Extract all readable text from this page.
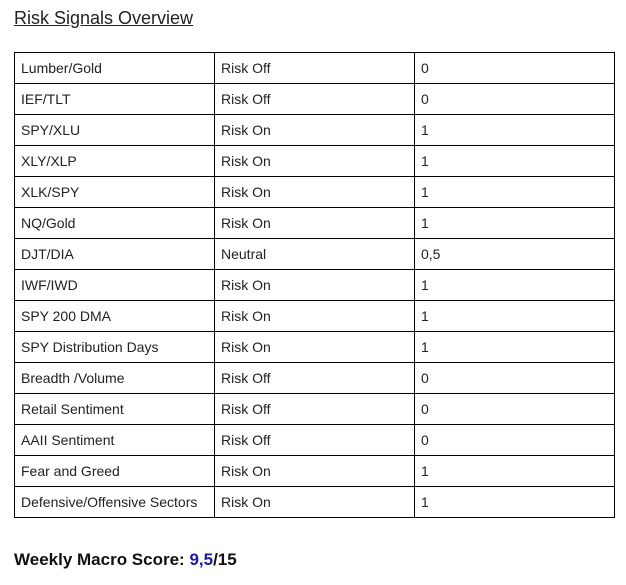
Risk Signals Overview
Lumber/Gold	Risk Off	0
IEF/TLT	Risk Off	0
SPY/XLU	Risk On	1
XLY/XLP	Risk On	1
XLK/SPY	Risk On	1
NQ/Gold	Risk On	1
DJT/DIA	Neutral	0,5
IWF/IWD	Risk On	1
SPY 200 DMA	Risk On	1
SPY Distribution Days	Risk On	1
Breadth /Volume	Risk Off	0
Retail Sentiment	Risk Off	0
AAII Sentiment	Risk Off	0
Fear and Greed	Risk On	1
Defensive/Offensive Sectors	Risk On	1
Weekly Macro Score: 9,5/15
